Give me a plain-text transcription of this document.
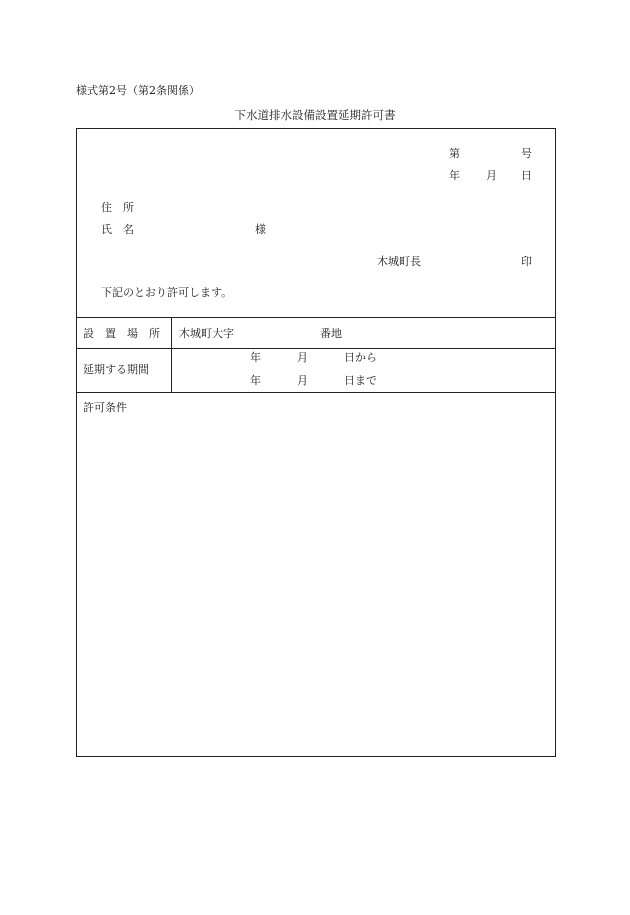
様式第2号（第2条関係）
下水道排水設備設置延期許可書
第	号
年 月 日
住　所
氏　名	様
木城町長	印
下記のとおり許可します。
設　置　場　所 木城町大字	番地
延期する期間
年	月	日から
年	月	日まで
許可条件
